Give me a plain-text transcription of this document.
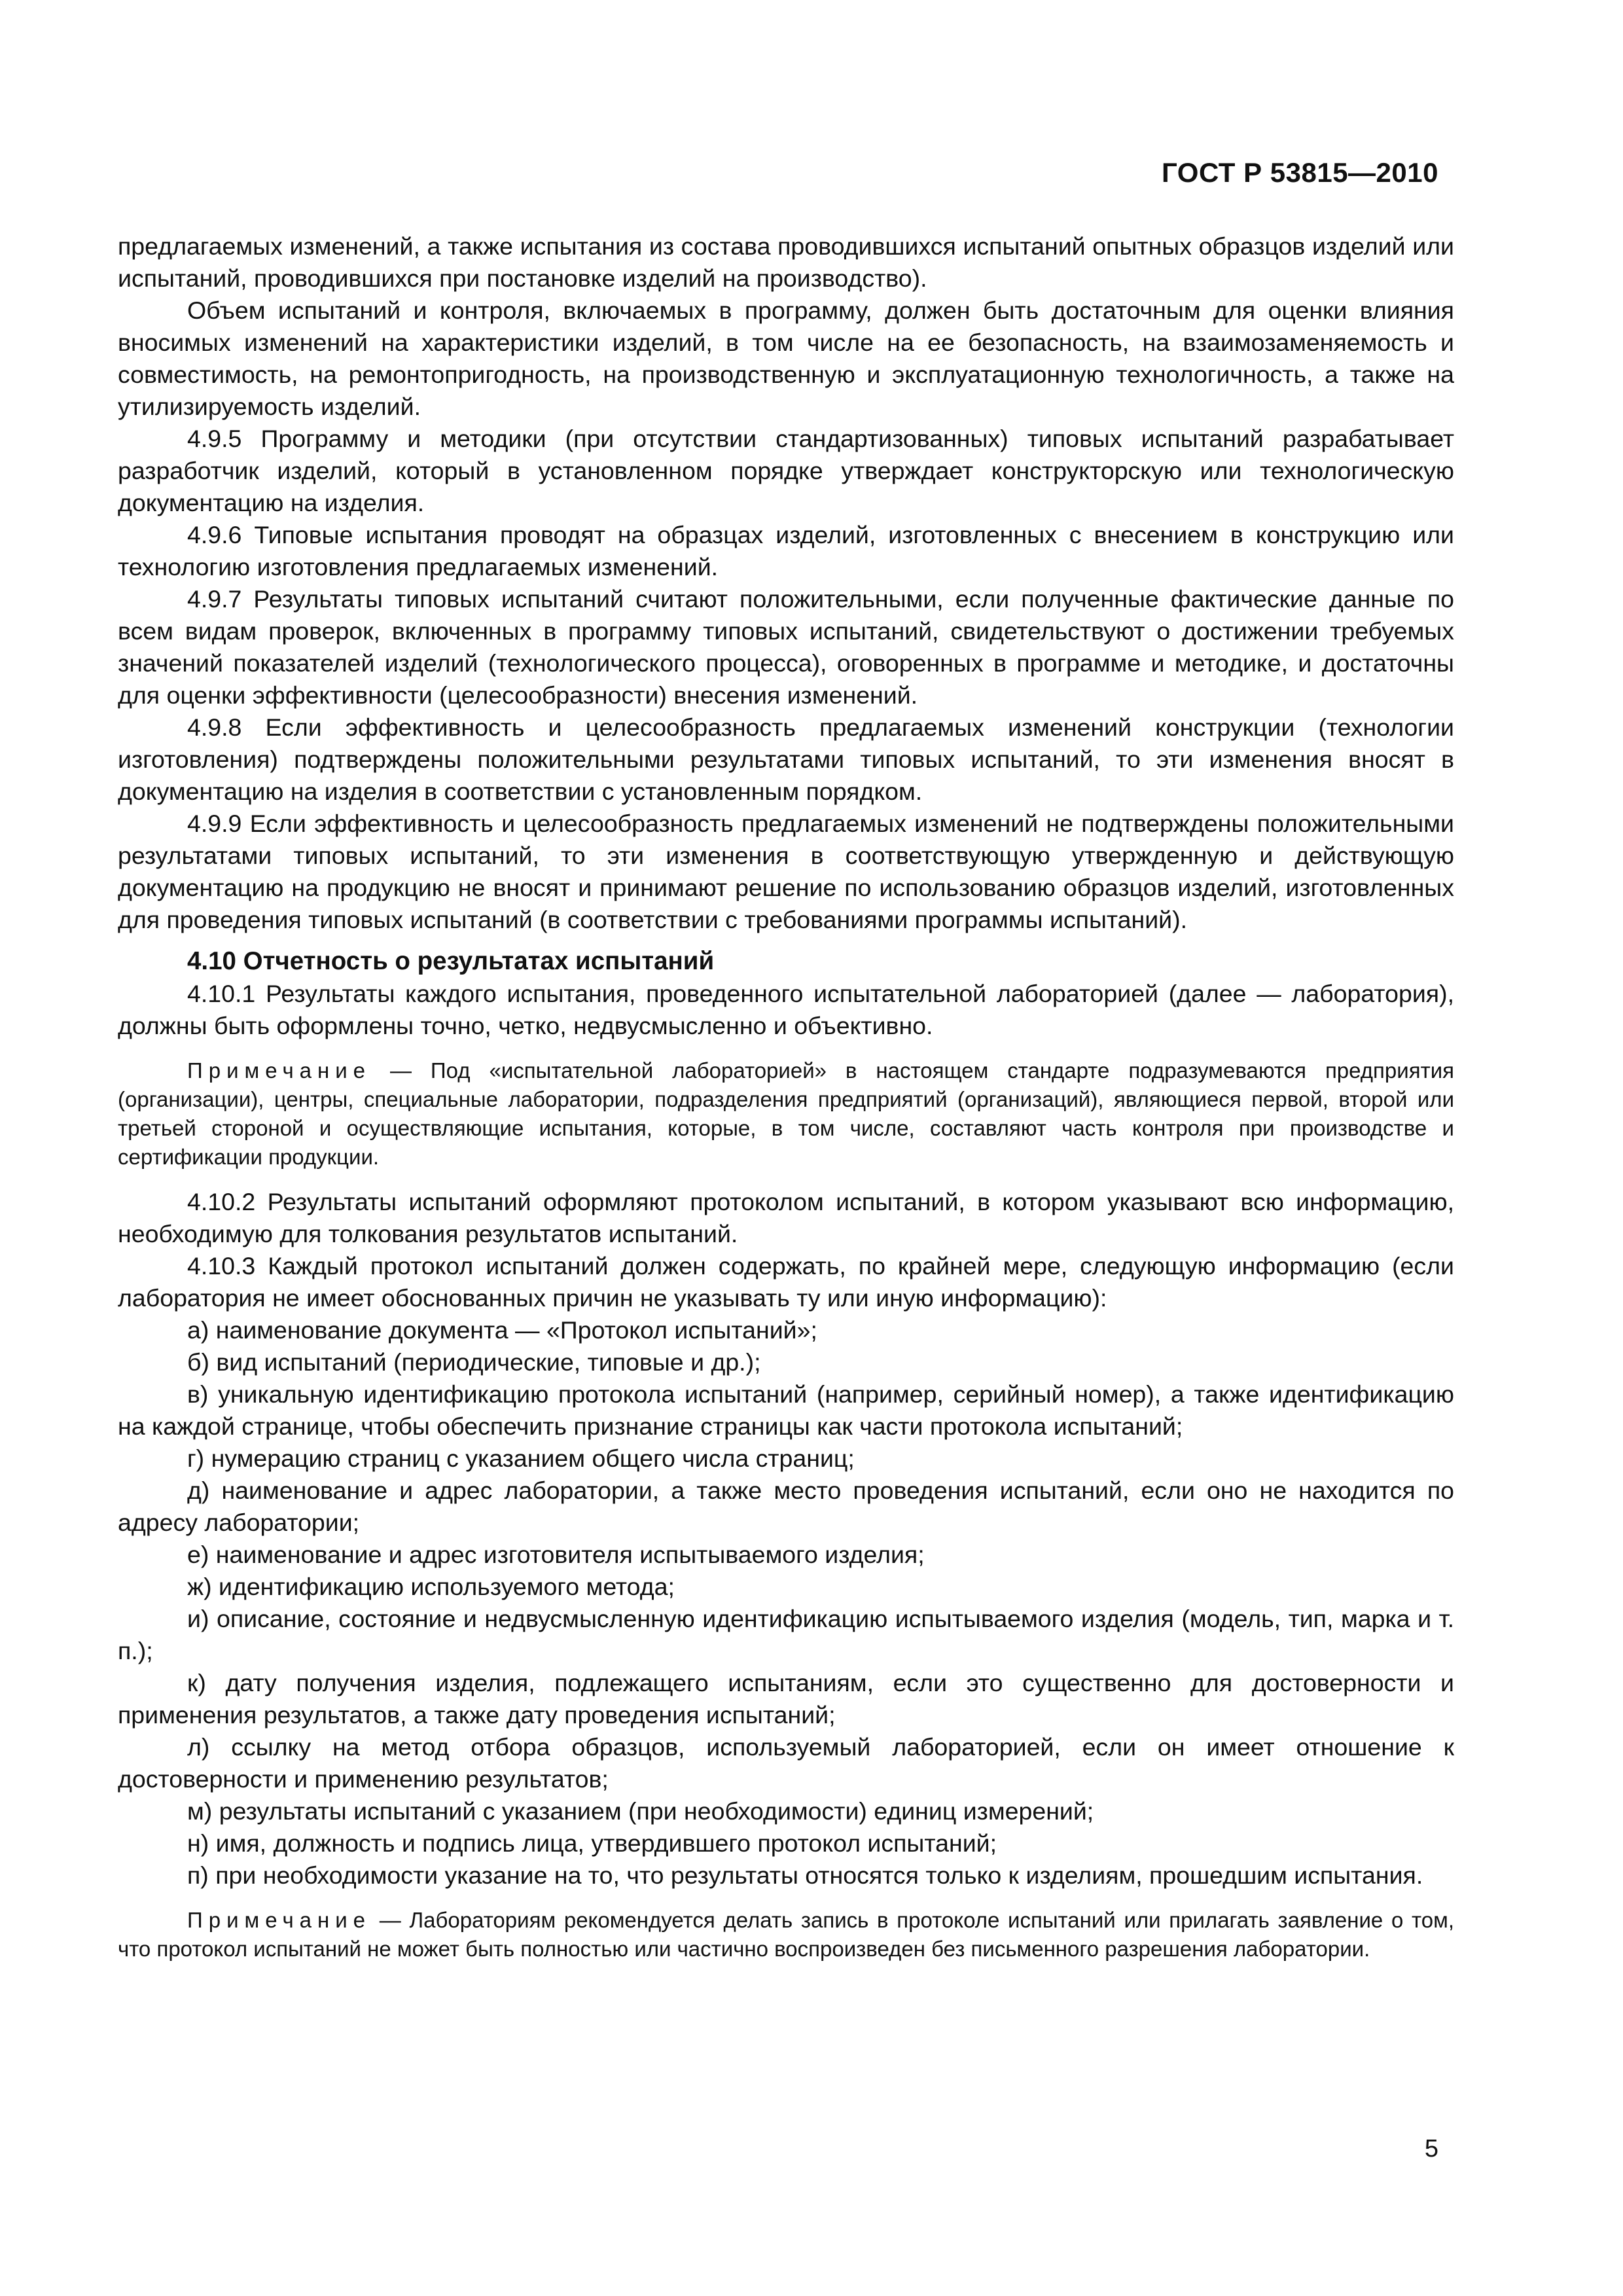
ГОСТ Р 53815—2010

предлагаемых изменений, а также испытания из состава проводившихся испытаний опытных образцов изделий или испытаний, проводившихся при постановке изделий на производство).

Объем испытаний и контроля, включаемых в программу, должен быть достаточным для оценки влияния вносимых изменений на характеристики изделий, в том числе на ее безопасность, на взаимозаменяемость и совместимость, на ремонтопригодность, на производственную и эксплуатационную технологичность, а также на утилизируемость изделий.

4.9.5 Программу и методики (при отсутствии стандартизованных) типовых испытаний разрабатывает разработчик изделий, который в установленном порядке утверждает конструкторскую или технологическую документацию на изделия.

4.9.6 Типовые испытания проводят на образцах изделий, изготовленных с внесением в конструкцию или технологию изготовления предлагаемых изменений.

4.9.7 Результаты типовых испытаний считают положительными, если полученные фактические данные по всем видам проверок, включенных в программу типовых испытаний, свидетельствуют о достижении требуемых значений показателей изделий (технологического процесса), оговоренных в программе и методике, и достаточны для оценки эффективности (целесообразности) внесения изменений.

4.9.8 Если эффективность и целесообразность предлагаемых изменений конструкции (технологии изготовления) подтверждены положительными результатами типовых испытаний, то эти изменения вносят в документацию на изделия в соответствии с установленным порядком.

4.9.9 Если эффективность и целесообразность предлагаемых изменений не подтверждены положительными результатами типовых испытаний, то эти изменения в соответствующую утвержденную и действующую документацию на продукцию не вносят и принимают решение по использованию образцов изделий, изготовленных для проведения типовых испытаний (в соответствии с требованиями программы испытаний).

4.10 Отчетность о результатах испытаний

4.10.1 Результаты каждого испытания, проведенного испытательной лабораторией (далее — лаборатория), должны быть оформлены точно, четко, недвусмысленно и объективно.

Примечание — Под «испытательной лабораторией» в настоящем стандарте подразумеваются предприятия (организации), центры, специальные лаборатории, подразделения предприятий (организаций), являющиеся первой, второй или третьей стороной и осуществляющие испытания, которые, в том числе, составляют часть контроля при производстве и сертификации продукции.

4.10.2 Результаты испытаний оформляют протоколом испытаний, в котором указывают всю информацию, необходимую для толкования результатов испытаний.

4.10.3 Каждый протокол испытаний должен содержать, по крайней мере, следующую информацию (если лаборатория не имеет обоснованных причин не указывать ту или иную информацию):

а) наименование документа — «Протокол испытаний»;

б) вид испытаний (периодические, типовые и др.);

в) уникальную идентификацию протокола испытаний (например, серийный номер), а также идентификацию на каждой странице, чтобы обеспечить признание страницы как части протокола испытаний;

г) нумерацию страниц с указанием общего числа страниц;

д) наименование и адрес лаборатории, а также место проведения испытаний, если оно не находится по адресу лаборатории;

е) наименование и адрес изготовителя испытываемого изделия;

ж) идентификацию используемого метода;

и) описание, состояние и недвусмысленную идентификацию испытываемого изделия (модель, тип, марка и т. п.);

к) дату получения изделия, подлежащего испытаниям, если это существенно для достоверности и применения результатов, а также дату проведения испытаний;

л) ссылку на метод отбора образцов, используемый лабораторией, если он имеет отношение к достоверности и применению результатов;

м) результаты испытаний с указанием (при необходимости) единиц измерений;

н) имя, должность и подпись лица, утвердившего протокол испытаний;

п) при необходимости указание на то, что результаты относятся только к изделиям, прошедшим испытания.

Примечание — Лабораториям рекомендуется делать запись в протоколе испытаний или прилагать заявление о том, что протокол испытаний не может быть полностью или частично воспроизведен без письменного разрешения лаборатории.

5
